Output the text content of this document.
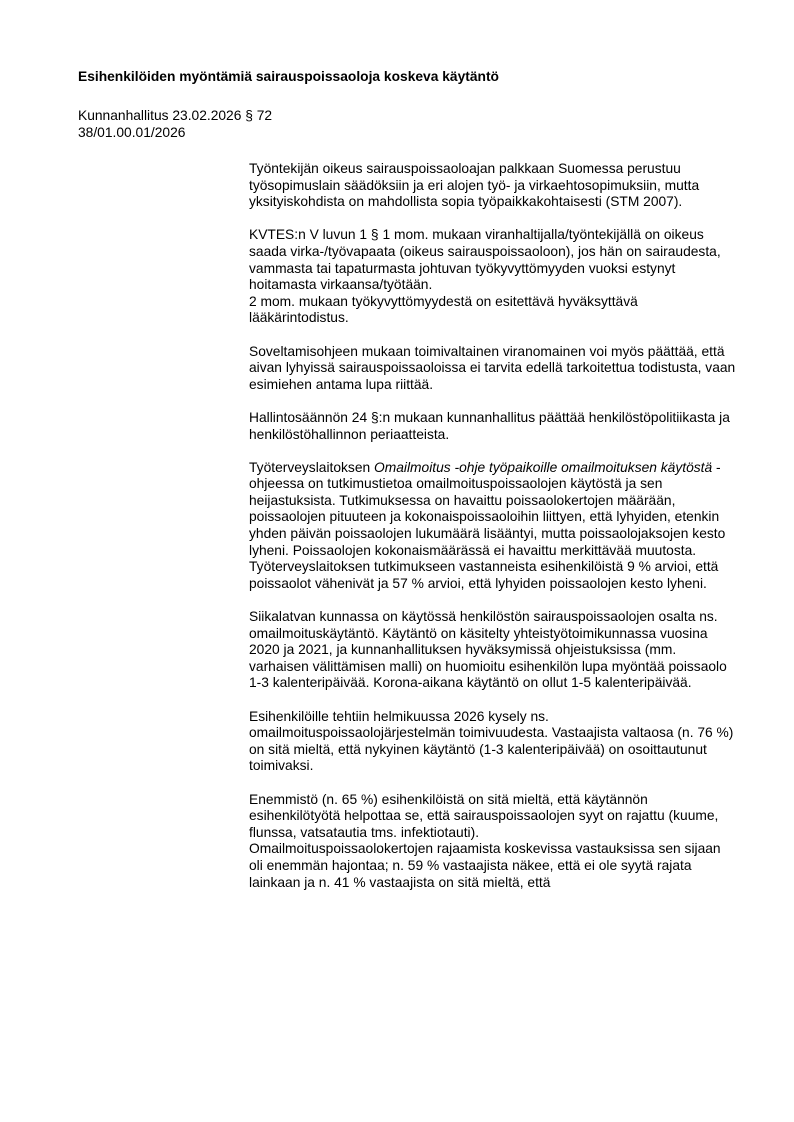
Esihenkilöiden myöntämiä sairauspoissaoloja koskeva käytäntö
Kunnanhallitus 23.02.2026 § 72
38/01.00.01/2026

Työntekijän oikeus sairauspoissaoloajan palkkaan Suomessa perustuu työsopimuslain säädöksiin ja eri alojen työ- ja virkaehtosopimuksiin, mutta yksityiskohdista on mahdollista sopia työpaikkakohtaisesti (STM 2007).

KVTES:n V luvun 1 § 1 mom. mukaan viranhaltijalla/työntekijällä on oikeus saada virka-/työvapaata (oikeus sairauspoissaoloon), jos hän on sairaudesta, vammasta tai tapaturmasta johtuvan työkyvyttömyyden vuoksi estynyt hoitamasta virkaansa/työtään.
2 mom. mukaan työkyvyttömyydestä on esitettävä hyväksyttävä lääkärintodistus.

Soveltamisohjeen mukaan toimivaltainen viranomainen voi myös päättää, että aivan lyhyissä sairauspoissaoloissa ei tarvita edellä tarkoitettua todistusta, vaan esimiehen antama lupa riittää.

Hallintosäännön 24 §:n mukaan kunnanhallitus päättää henkilöstöpolitiikasta ja henkilöstöhallinnon periaatteista.

Työterveyslaitoksen Omailmoitus -ohje työpaikoille omailmoituksen käytöstä -ohjeessa on tutkimustietoa omailmoituspoissaolojen käytöstä ja sen heijastuksista. Tutkimuksessa on havaittu poissaolokertojen määrään, poissaolojen pituuteen ja kokonaispoissaoloihin liittyen, että lyhyiden, etenkin yhden päivän poissaolojen lukumäärä lisääntyi, mutta poissaolojaksojen kesto lyheni. Poissaolojen kokonaismäärässä ei havaittu merkittävää muutosta. Työterveyslaitoksen tutkimukseen vastanneista esihenkilöistä 9 % arvioi, että poissaolot vähenivät ja 57 % arvioi, että lyhyiden poissaolojen kesto lyheni.

Siikalatvan kunnassa on käytössä henkilöstön sairauspoissaolojen osalta ns. omailmoituskäytäntö. Käytäntö on käsitelty yhteistyötoimikunnassa vuosina 2020 ja 2021, ja kunnanhallituksen hyväksymissä ohjeistuksissa (mm. varhaisen välittämisen malli) on huomioitu esihenkilön lupa myöntää poissaolo 1-3 kalenteripäivää. Korona-aikana käytäntö on ollut 1-5 kalenteripäivää.

Esihenkilöille tehtiin helmikuussa 2026 kysely ns. omailmoituspoissaolojärjestelmän toimivuudesta. Vastaajista valtaosa (n. 76 %) on sitä mieltä, että nykyinen käytäntö (1-3 kalenteripäivää) on osoittautunut toimivaksi.

Enemmistö (n. 65 %) esihenkilöistä on sitä mieltä, että käytännön esihenkilötyötä helpottaa se, että sairauspoissaolojen syyt on rajattu (kuume, flunssa, vatsatautia tms. infektiotauti).
Omailmoituspoissaolokertojen rajaamista koskevissa vastauksissa sen sijaan oli enemmän hajontaa; n. 59 % vastaajista näkee, että ei ole syytä rajata lainkaan ja n. 41 % vastaajista on sitä mieltä, että
